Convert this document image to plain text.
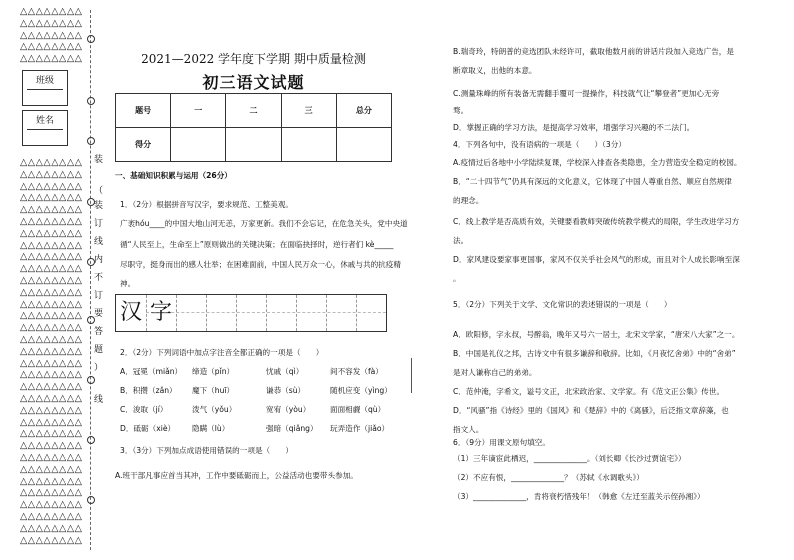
△△△△△△△△
△△△△△△△△
△△△△△△△△
△△△△△△△△
△△△△△△△△
班级
姓名
△△△△△△△△
△△△△△△△△
△△△△△△△△
△△△△△△△△
△△△△△△△△
△△△△△△△△
△△△△△△△△
△△△△△△△△
△△△△△△△△
△△△△△△△△
△△△△△△△△
△△△△△△△△
△△△△△△△△
△△△△△△△△
△△△△△△△△
△△△△△△△△
△△△△△△△△
△△△△△△△△
△△△△△△△△
△△△△△△△△
△△△△△△△△
△△△△△△△△
△△△△△△△△
△△△△△△△△
△△△△△△△△
△△△△△△△△
△△△△△△△△
△△△△△△△△
△△△△△△△△
△△△△△△△△
△△△△△△△△
△△△△△△△△
△△△△△△△△
装
（
装
订
线
内
不
订
要
答
题
）
线
2021—2022 学年度下学期 期中质量检测
初三语文试题
题号	一	二	三	总分
得分				
一、基础知识积累与运用（26分）
1．（2分）根据拼音写汉字，要求规范、工整美观。
广袤hóu____的中国大地山河无恙，万家更新。我们不会忘记，在危急关头，党中央道
循“人民至上，生命至上”原则做出的关键决策；在面临抉择时，逆行者们 kè_____
尽职守，挺身而出的感人壮举；在困难面前，中国人民万众一心，休戚与共的抗疫精
神。
汉 字
2．（2分）下列词语中加点字注音全都正确的一项是（　　）
A．冠冕（miǎn） 缔造（pǐn）	忧戚（qì）	间不容发（fà）
B．积攒（zǎn） 魔下（huī）	谦恭（sù）	随机应变（yìng）
C．浚取（jí）	泼气（yǒu）	宽宥（yòu）	面面相觑（qù）
D．砥砺（xiè） 隐瞒（lù）	强暗（qiǎng） 玩弄造作（jiǎo）
3．（3分）下列加点成语使用错误的一项是（　　）
A.班干部凡事应首当其冲，工作中要砥砺而上，公益活动也要带头参加。
B.瑞奇玲，特朗普的竞选团队未经许可，截取他数月前的讲话片段加入竞选广告，是
断章取义，出他的本意。
C.测量珠峰的所有装备无需翻手覆可一提操作，科技就气让“攀登者”更加心无旁
骛。
D．掌握正确的学习方法，是提高学习效率，增强学习兴趣的不二法门。
4．下列各句中，没有语病的一项是（　　）（3分）
A.疫情过后各地中小学陆续复课，学校深入排查各类隐患，全力营造安全稳定的校园。
B．“二十四节气”仍具有深远的文化意义，它体现了中国人尊重自然、顺应自然规律
的理念。
C．线上教学是否高质有效，关键要看教师突破传统教学模式的局限，学生改进学习方
法。
D．家风建设要家事更国事，家风不仅关乎社会风气的形成，而且对个人成长影响至深
。
5．（2分）下列关于文学、文化常识的表述错误的一项是（　　）
A．欧阳修，字永叔，号醉翁，晚年又号六一居士，北宋文学家，“唐宋八大家”之一。
B．中国是礼仪之邦，古诗文中有很多谦辞和敬辞。比如，《月夜忆舍弟》中的“舍弟”
是对人谦称自己的弟弟。
C．范仲淹，字希文，谥号文正，北宋政治家、文学家。有《范文正公集》传世。
D．“风骚”指《诗经》里的《国风》和《楚辞》中的《离骚》，后泛指文章辞藻，也
指文人。
6．（9分）用课文原句填空。
（1）三年谪宦此栖迟，______________。（刘长卿《长沙过贾谊宅》）
（2）不应有恨，______________？（苏轼《水调歌头》）
（3）______________，肯将衰朽惜残年！（韩愈《左迁至蓝关示侄孙湘》）
